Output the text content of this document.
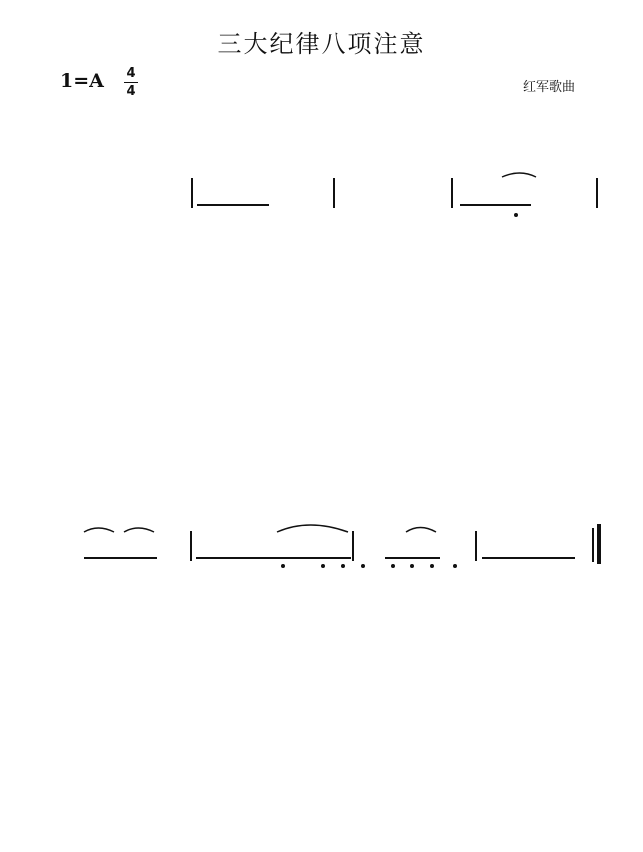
三大纪律八项注意
1=A 4
4	红军歌曲
